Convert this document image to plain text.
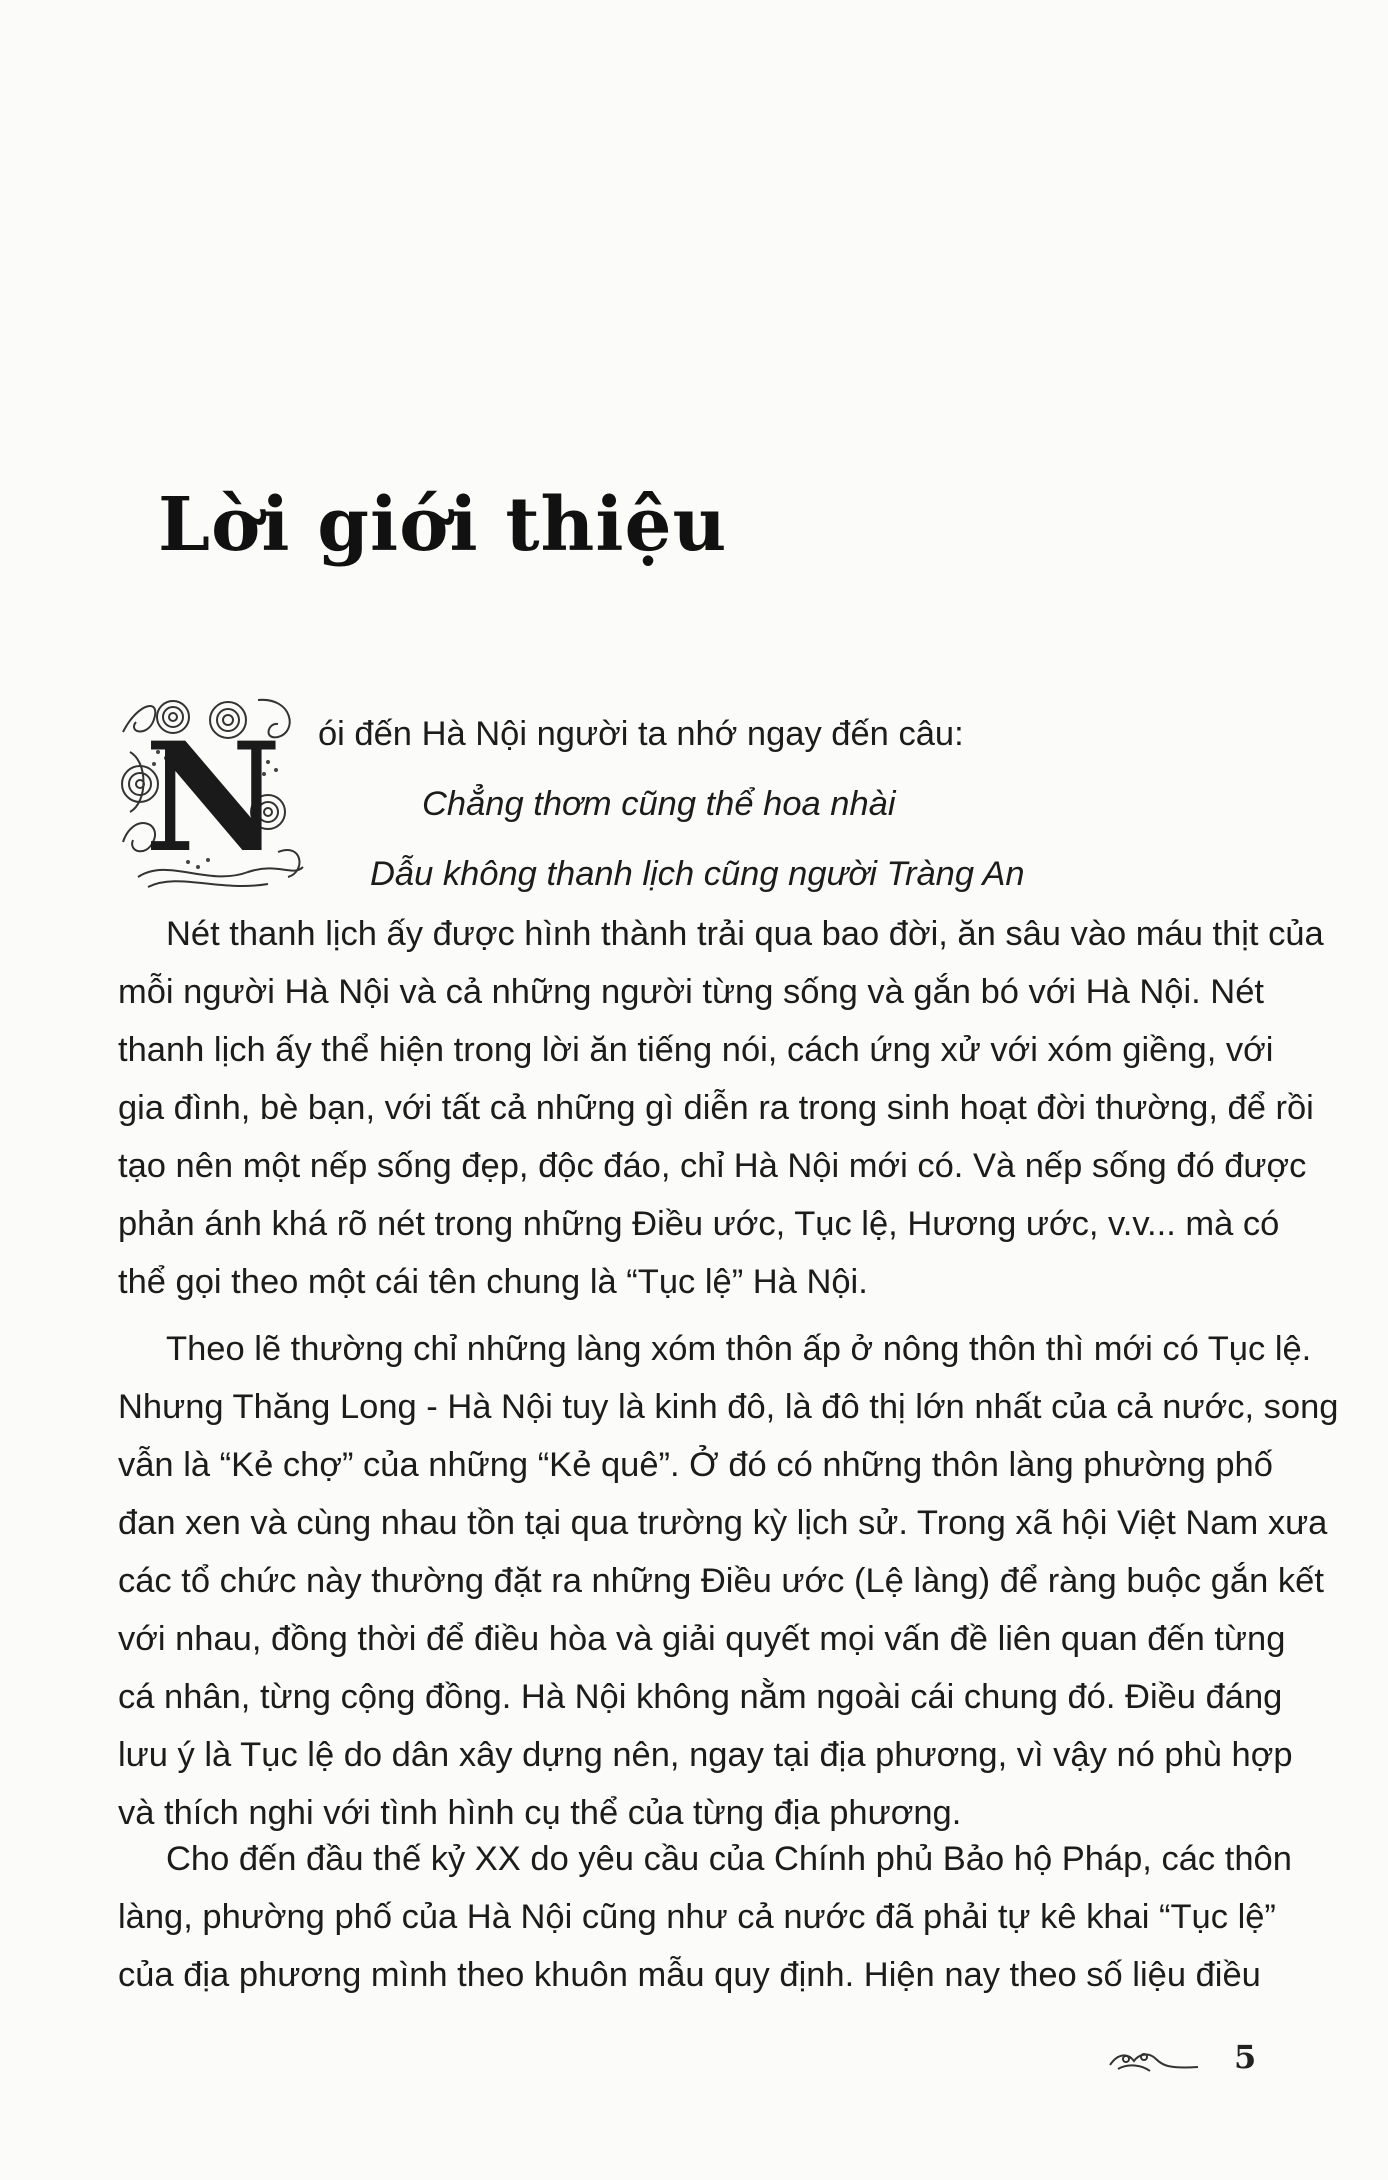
Lời giới thiệu
N ói đến Hà Nội người ta nhớ ngay đến câu:

Chẳng thơm cũng thể hoa nhài

Dẫu không thanh lịch cũng người Tràng An

Nét thanh lịch ấy được hình thành trải qua bao đời, ăn sâu vào máu thịt của
mỗi người Hà Nội và cả những người từng sống và gắn bó với Hà Nội. Nét
thanh lịch ấy thể hiện trong lời ăn tiếng nói, cách ứng xử với xóm giềng, với
gia đình, bè bạn, với tất cả những gì diễn ra trong sinh hoạt đời thường, để rồi
tạo nên một nếp sống đẹp, độc đáo, chỉ Hà Nội mới có. Và nếp sống đó được
phản ánh khá rõ nét trong những Điều ước, Tục lệ, Hương ước, v.v... mà có
thể gọi theo một cái tên chung là “Tục lệ” Hà Nội.

Theo lẽ thường chỉ những làng xóm thôn ấp ở nông thôn thì mới có Tục lệ.
Nhưng Thăng Long - Hà Nội tuy là kinh đô, là đô thị lớn nhất của cả nước, song
vẫn là “Kẻ chợ” của những “Kẻ quê”. Ở đó có những thôn làng phường phố
đan xen và cùng nhau tồn tại qua trường kỳ lịch sử. Trong xã hội Việt Nam xưa
các tổ chức này thường đặt ra những Điều ước (Lệ làng) để ràng buộc gắn kết
với nhau, đồng thời để điều hòa và giải quyết mọi vấn đề liên quan đến từng
cá nhân, từng cộng đồng. Hà Nội không nằm ngoài cái chung đó. Điều đáng
lưu ý là Tục lệ do dân xây dựng nên, ngay tại địa phương, vì vậy nó phù hợp
và thích nghi với tình hình cụ thể của từng địa phương.

Cho đến đầu thế kỷ XX do yêu cầu của Chính phủ Bảo hộ Pháp, các thôn
làng, phường phố của Hà Nội cũng như cả nước đã phải tự kê khai “Tục lệ”
của địa phương mình theo khuôn mẫu quy định. Hiện nay theo số liệu điều

5
